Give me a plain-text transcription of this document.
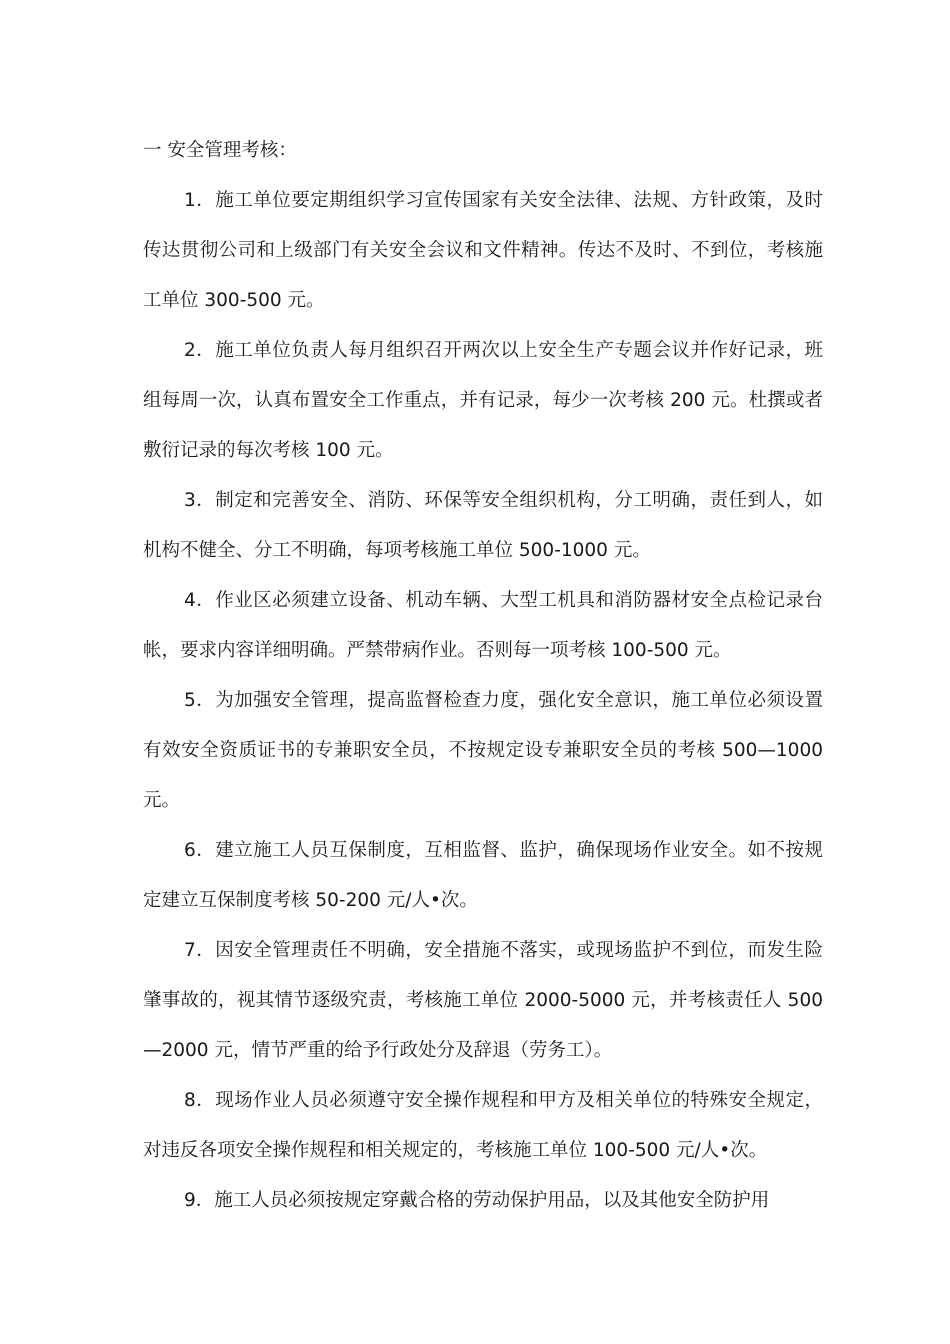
一 安全管理考核：

1．施工单位要定期组织学习宣传国家有关安全法律、法规、方针政策，及时传达贯彻公司和上级部门有关安全会议和文件精神。传达不及时、不到位，考核施工单位 300-500 元。

2．施工单位负责人每月组织召开两次以上安全生产专题会议并作好记录，班组每周一次，认真布置安全工作重点，并有记录，每少一次考核 200 元。杜撰或者敷衍记录的每次考核 100 元。

3．制定和完善安全、消防、环保等安全组织机构，分工明确，责任到人，如机构不健全、分工不明确，每项考核施工单位 500-1000 元。

4．作业区必须建立设备、机动车辆、大型工机具和消防器材安全点检记录台帐，要求内容详细明确。严禁带病作业。否则每一项考核 100-500 元。

5．为加强安全管理，提高监督检查力度，强化安全意识，施工单位必须设置有效安全资质证书的专兼职安全员，不按规定设专兼职安全员的考核 500—1000 元。

6．建立施工人员互保制度，互相监督、监护，确保现场作业安全。如不按规定建立互保制度考核 50-200 元/人•次。

7．因安全管理责任不明确，安全措施不落实，或现场监护不到位，而发生险肇事故的，视其情节逐级究责，考核施工单位 2000-5000 元，并考核责任人 500—2000 元，情节严重的给予行政处分及辞退（劳务工）。

8．现场作业人员必须遵守安全操作规程和甲方及相关单位的特殊安全规定，对违反各项安全操作规程和相关规定的，考核施工单位 100-500 元/人•次。

9．施工人员必须按规定穿戴合格的劳动保护用品，以及其他安全防护用
